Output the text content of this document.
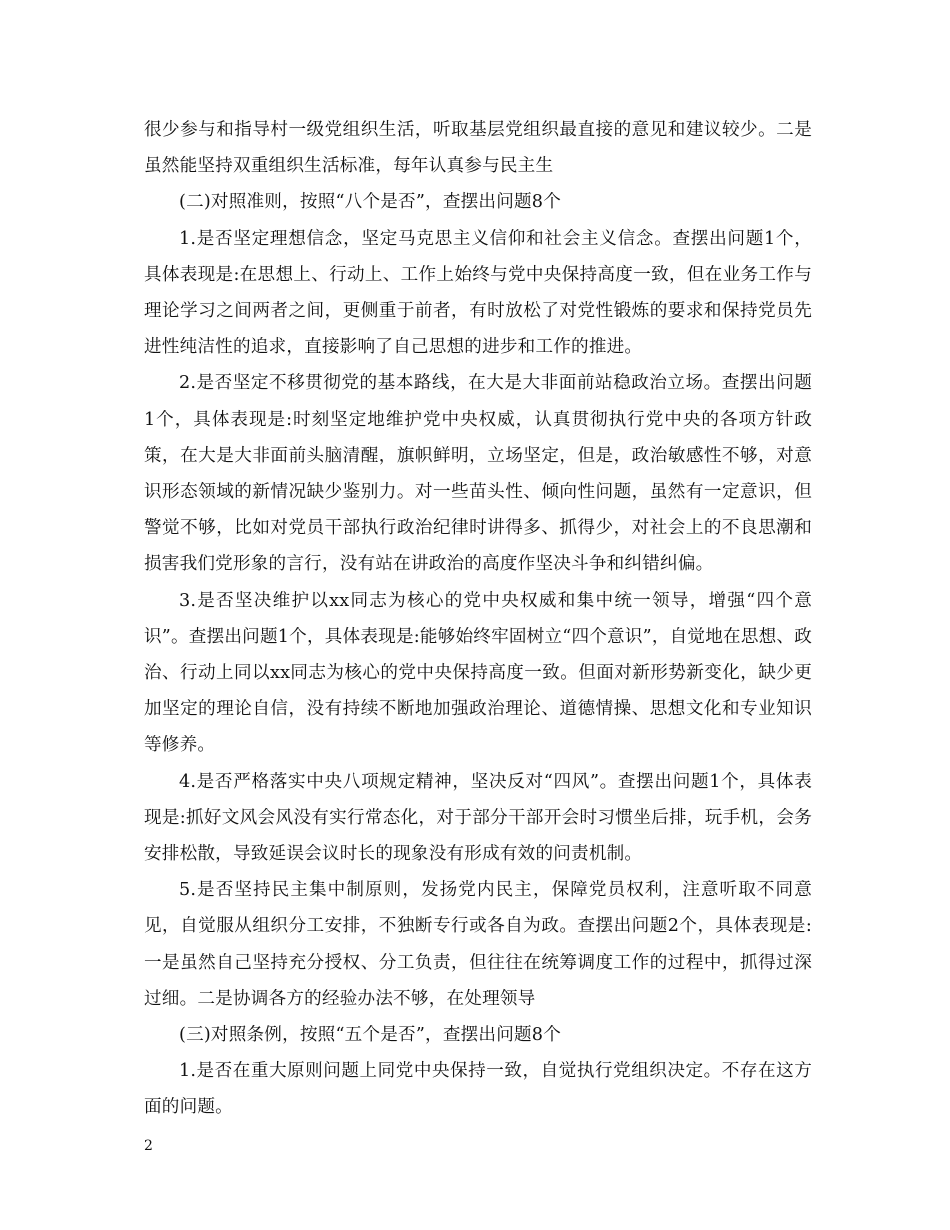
很少参与和指导村一级党组织生活，听取基层党组织最直接的意见和建议较少。二是虽然能坚持双重组织生活标准，每年认真参与民主生

(二)对照准则，按照“八个是否”，查摆出问题8个

1.是否坚定理想信念，坚定马克思主义信仰和社会主义信念。查摆出问题1个，具体表现是:在思想上、行动上、工作上始终与党中央保持高度一致，但在业务工作与理论学习之间两者之间，更侧重于前者，有时放松了对党性锻炼的要求和保持党员先进性纯洁性的追求，直接影响了自己思想的进步和工作的推进。

2.是否坚定不移贯彻党的基本路线，在大是大非面前站稳政治立场。查摆出问题1个，具体表现是:时刻坚定地维护党中央权威，认真贯彻执行党中央的各项方针政策，在大是大非面前头脑清醒，旗帜鲜明，立场坚定，但是，政治敏感性不够，对意识形态领域的新情况缺少鉴别力。对一些苗头性、倾向性问题，虽然有一定意识，但警觉不够，比如对党员干部执行政治纪律时讲得多、抓得少，对社会上的不良思潮和损害我们党形象的言行，没有站在讲政治的高度作坚决斗争和纠错纠偏。

3.是否坚决维护以xx同志为核心的党中央权威和集中统一领导，增强“四个意识”。查摆出问题1个，具体表现是:能够始终牢固树立“四个意识”，自觉地在思想、政治、行动上同以xx同志为核心的党中央保持高度一致。但面对新形势新变化，缺少更加坚定的理论自信，没有持续不断地加强政治理论、道德情操、思想文化和专业知识等修养。

4.是否严格落实中央八项规定精神，坚决反对“四风”。查摆出问题1个，具体表现是:抓好文风会风没有实行常态化，对于部分干部开会时习惯坐后排，玩手机，会务安排松散，导致延误会议时长的现象没有形成有效的问责机制。

5.是否坚持民主集中制原则，发扬党内民主，保障党员权利，注意听取不同意见，自觉服从组织分工安排，不独断专行或各自为政。查摆出问题2个，具体表现是:一是虽然自己坚持充分授权、分工负责，但往往在统筹调度工作的过程中，抓得过深过细。二是协调各方的经验办法不够，在处理领导

(三)对照条例，按照“五个是否”，查摆出问题8个

1.是否在重大原则问题上同党中央保持一致，自觉执行党组织决定。不存在这方面的问题。

2
